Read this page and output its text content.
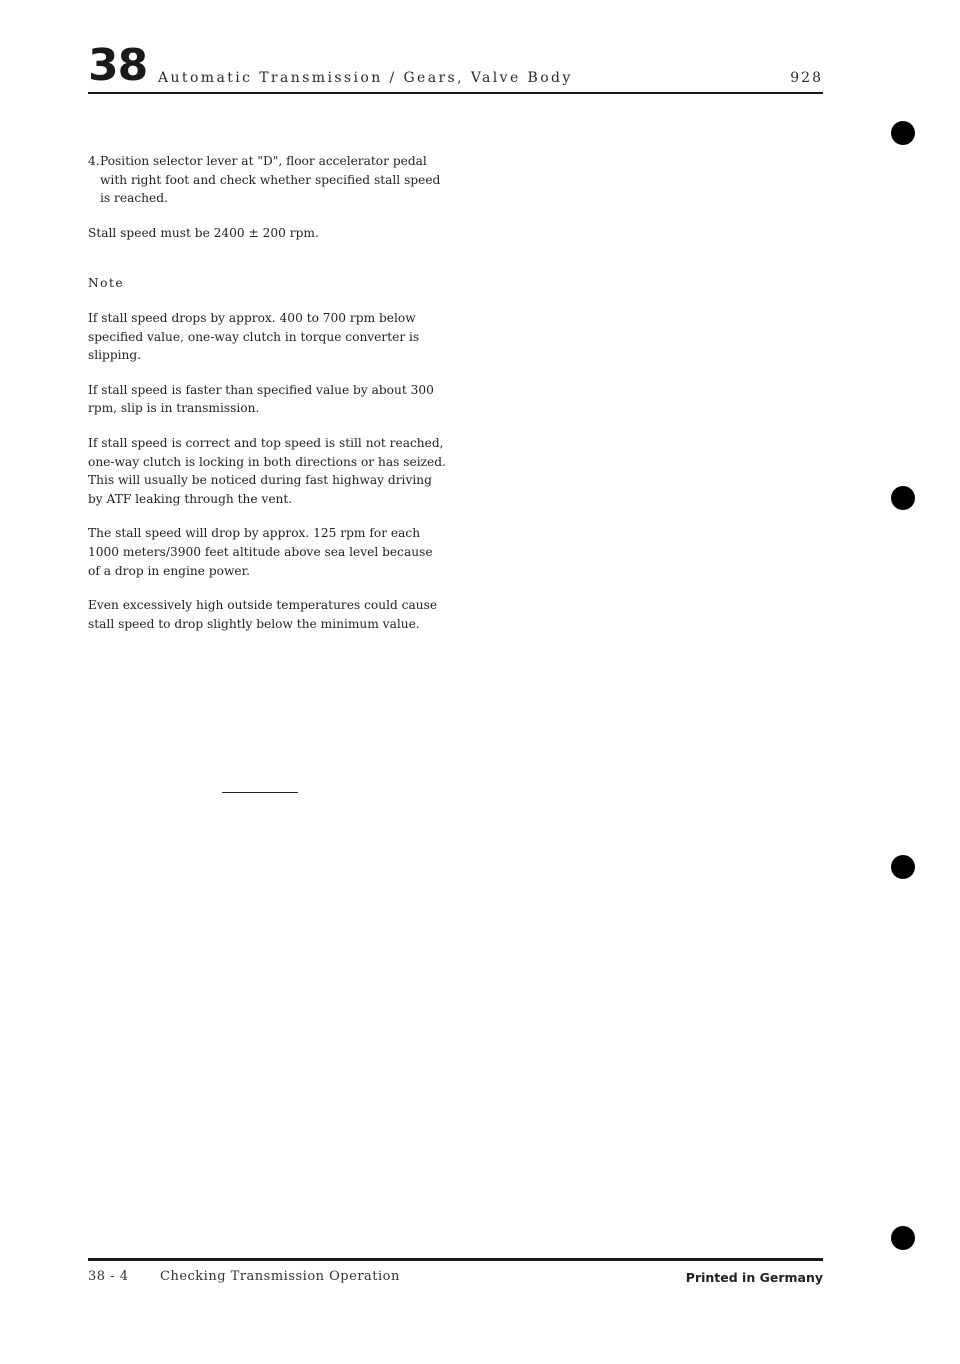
38 Automatic Transmission / Gears, Valve Body	928
4. Position selector lever at "D", floor accelerator pedal with right foot and check whether specified stall speed is reached.
Stall speed must be 2400 ± 200 rpm.
Note

If stall speed drops by approx. 400 to 700 rpm below specified value, one-way clutch in torque converter is slipping.

If stall speed is faster than specified value by about 300 rpm, slip is in transmission.

If stall speed is correct and top speed is still not reached, one-way clutch is locking in both directions or has seized. This will usually be noticed during fast highway driving by ATF leaking through the vent.

The stall speed will drop by approx. 125 rpm for each 1000 meters/3900 feet altitude above sea level because of a drop in engine power.

Even excessively high outside temperatures could cause stall speed to drop slightly below the minimum value.

38 - 4 Checking Transmission Operation	Printed in Germany
